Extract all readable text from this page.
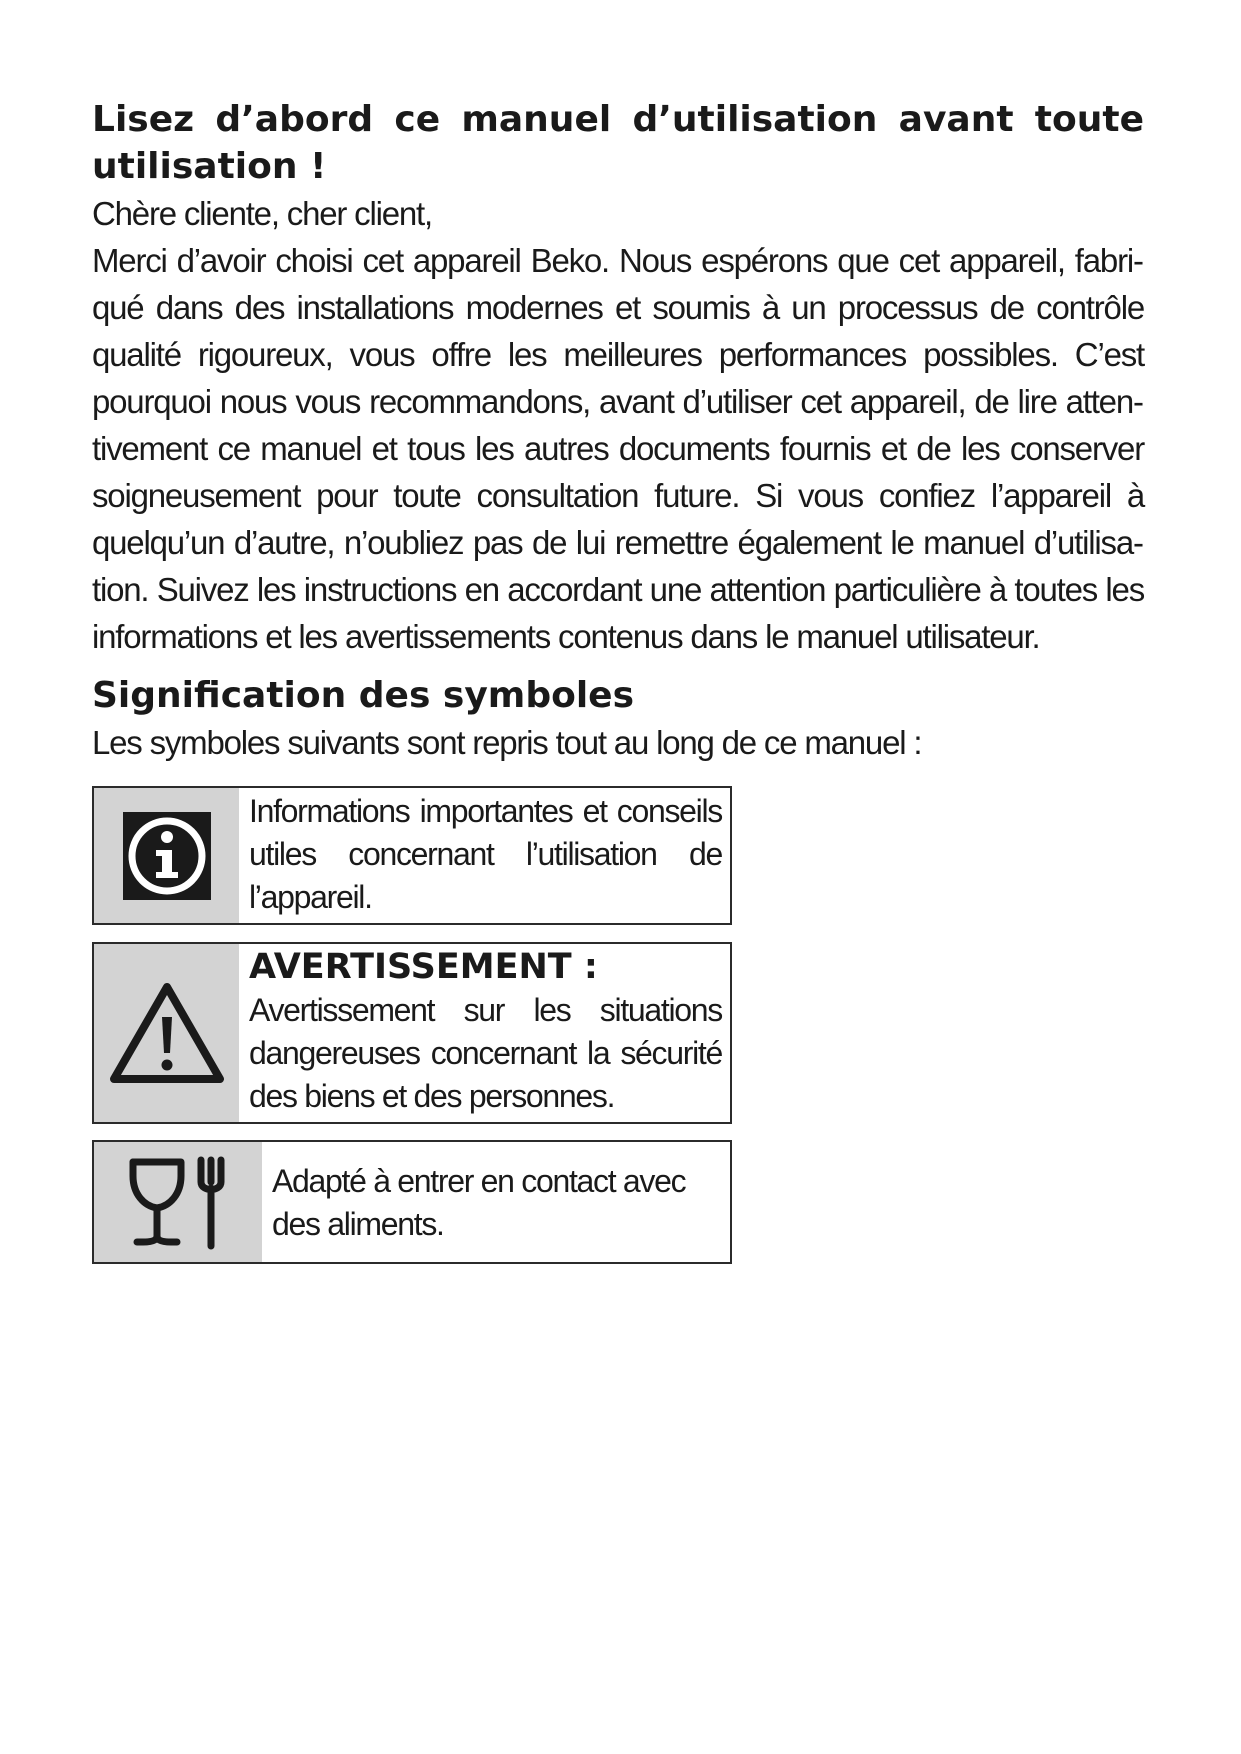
Lisez d’abord ce manuel d’utilisation avant toute utilisation !

Chère cliente, cher client,

Merci d’avoir choisi cet appareil Beko. Nous espérons que cet appareil, fabriqué dans des installations modernes et soumis à un processus de contrôle qualité rigoureux, vous offre les meilleures performances possibles. C’est pourquoi nous vous recommandons, avant d’utiliser cet appareil, de lire attentivement ce manuel et tous les autres documents fournis et de les conserver soigneusement pour toute consultation future. Si vous confiez l’appareil à quelqu’un d’autre, n’oubliez pas de lui remettre également le manuel d’utilisation. Suivez les instructions en accordant une attention particulière à toutes les informations et les avertissements contenus dans le manuel utilisateur.

Signification des symboles

Les symboles suivants sont repris tout au long de ce manuel :

Informations importantes et conseils utiles concernant l’utilisation de l’appareil.
AVERTISSEMENT :
Avertissement sur les situations dangereuses concernant la sécurité des biens et des personnes.
Adapté à entrer en contact avec des aliments.
